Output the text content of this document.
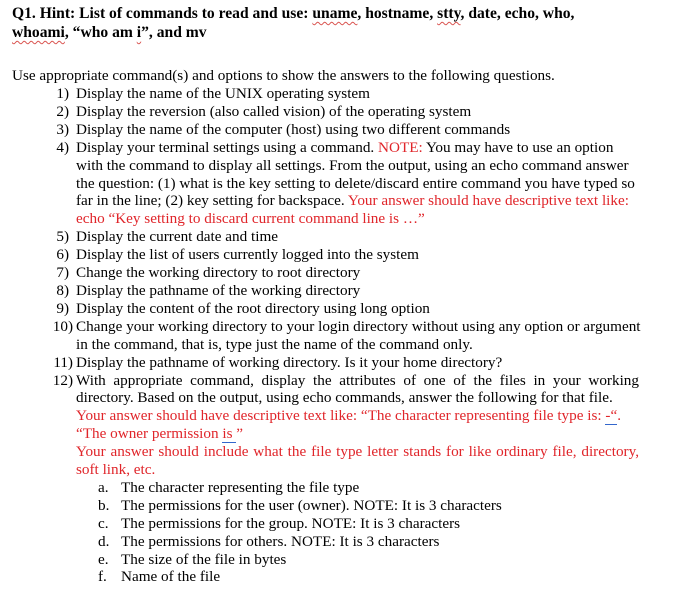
Q1. Hint: List of commands to read and use: uname, hostname, stty, date, echo, who,
whoami, “who am i”, and mv
Use appropriate command(s) and options to show the answers to the following questions.
1) Display the name of the UNIX operating system
2) Display the reversion (also called vision) of the operating system
3) Display the name of the computer (host) using two different commands
4) Display your terminal settings using a command. NOTE: You may have to use an option with the command to display all settings. From the output, using an echo command answer the question: (1) what is the key setting to delete/discard entire command you have typed so far in the line; (2) key setting for backspace. Your answer should have descriptive text like: echo “Key setting to discard current command line is …”
5) Display the current date and time
6) Display the list of users currently logged into the system
7) Change the working directory to root directory
8) Display the pathname of the working directory
9) Display the content of the root directory using long option
10) Change your working directory to your login directory without using any option or argument in the command, that is, type just the name of the command only.
11) Display the pathname of working directory. Is it your home directory?
12) With appropriate command, display the attributes of one of the files in your working directory. Based on the output, using echo commands, answer the following for that file.
Your answer should have descriptive text like: “The character representing file type is: -“.
“The owner permission is ”
Your answer should include what the file type letter stands for like ordinary file, directory, soft link, etc.
a. The character representing the file type
b. The permissions for the user (owner). NOTE: It is 3 characters
c. The permissions for the group. NOTE: It is 3 characters
d. The permissions for others. NOTE: It is 3 characters
e. The size of the file in bytes
f. Name of the file
